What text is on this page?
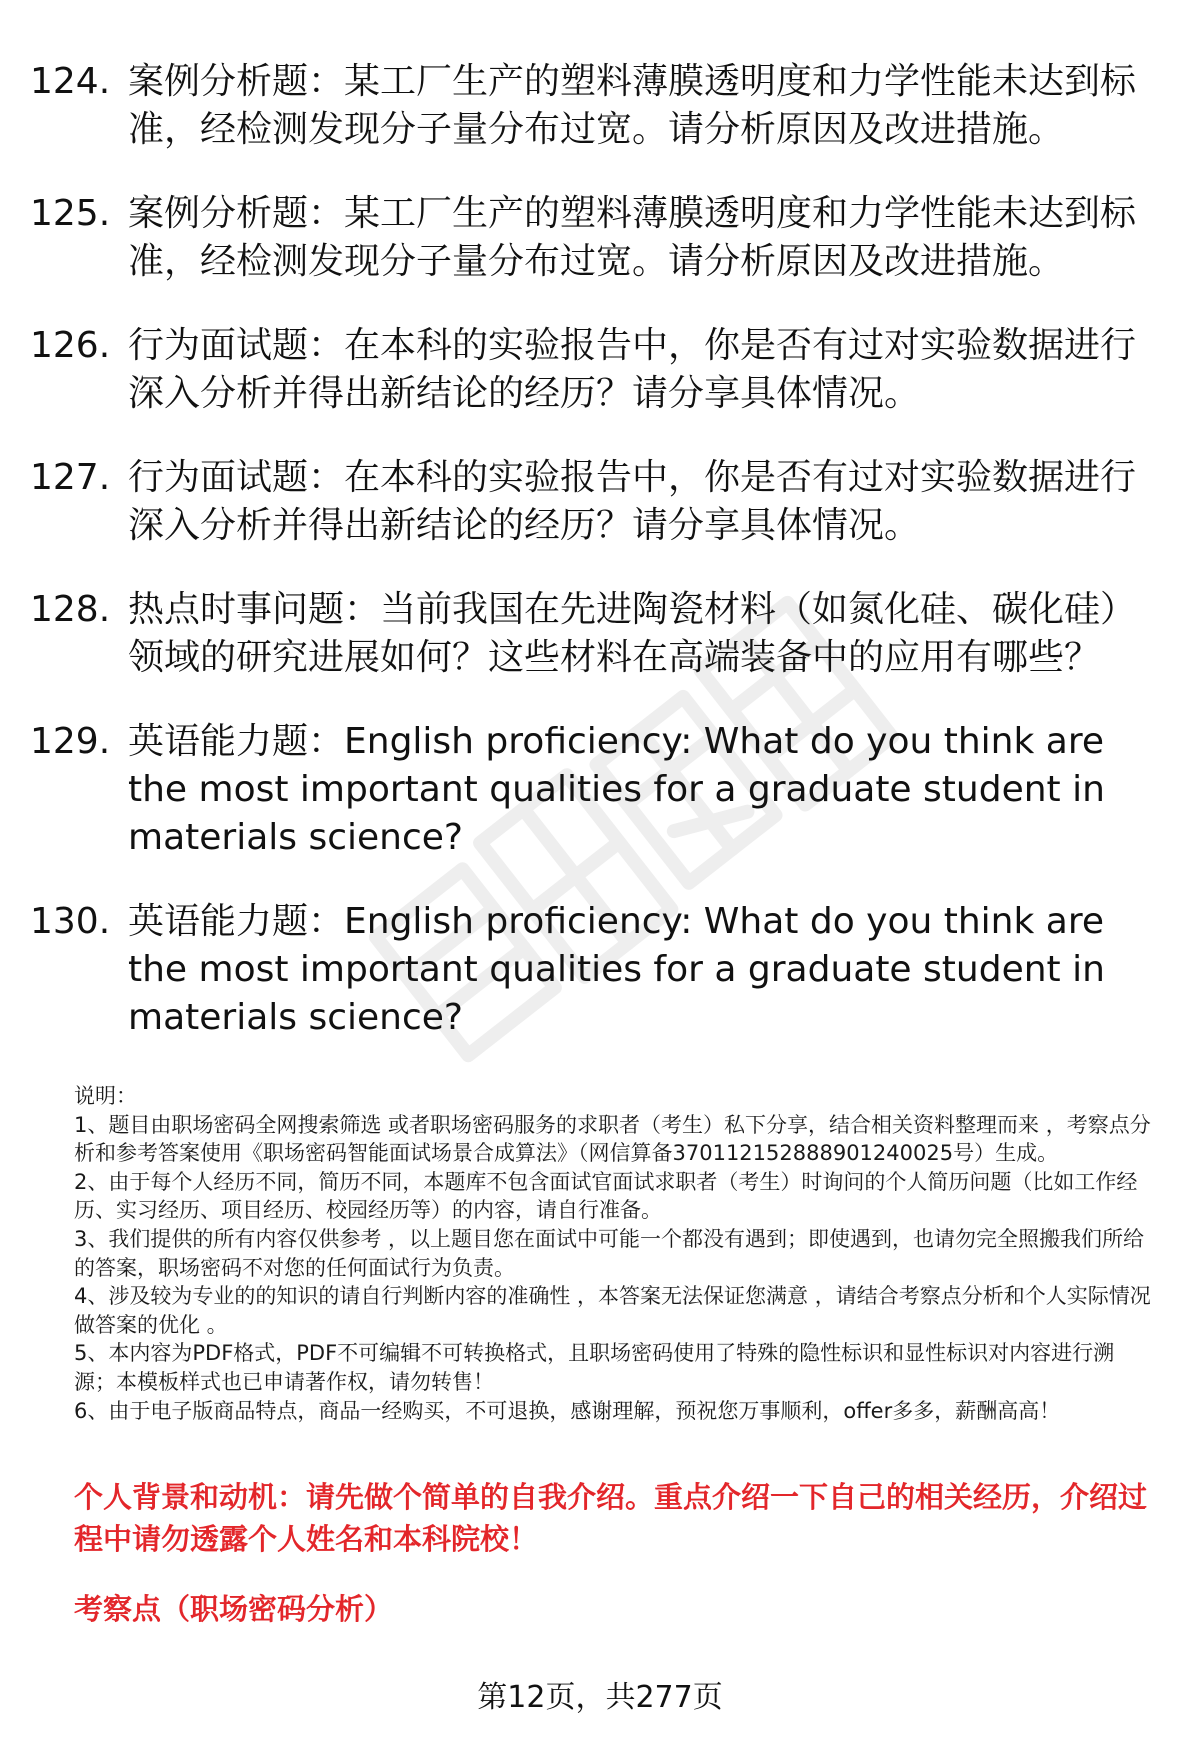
124. 案例分析题：某工厂生产的塑料薄膜透明度和力学性能未达到标准，经检测发现分子量分布过宽。请分析原因及改进措施。
125. 案例分析题：某工厂生产的塑料薄膜透明度和力学性能未达到标准，经检测发现分子量分布过宽。请分析原因及改进措施。
126. 行为面试题：在本科的实验报告中，你是否有过对实验数据进行深入分析并得出新结论的经历？请分享具体情况。
127. 行为面试题：在本科的实验报告中，你是否有过对实验数据进行深入分析并得出新结论的经历？请分享具体情况。
128. 热点时事问题：当前我国在先进陶瓷材料（如氮化硅、碳化硅）领域的研究进展如何？这些材料在高端装备中的应用有哪些？
129. 英语能力题：English proficiency: What do you think are the most important qualities for a graduate student in materials science?
130. 英语能力题：English proficiency: What do you think are the most important qualities for a graduate student in materials science?

说明：

1、题目由职场密码全网搜索筛选 或者职场密码服务的求职者（考生）私下分享，结合相关资料整理而来 ，考察点分析和参考答案使用《职场密码智能面试场景合成算法》（网信算备370112152888901240025号）生成。

2、由于每个人经历不同，简历不同，本题库不包含面试官面试求职者（考生）时询问的个人简历问题（比如工作经历、实习经历、项目经历、校园经历等）的内容，请自行准备。

3、我们提供的所有内容仅供参考 ，以上题目您在面试中可能一个都没有遇到；即使遇到，也请勿完全照搬我们所给的答案，职场密码不对您的任何面试行为负责。

4、涉及较为专业的的知识的请自行判断内容的准确性 ，本答案无法保证您满意 ，请结合考察点分析和个人实际情况做答案的优化 。

5、本内容为PDF格式，PDF不可编辑不可转换格式，且职场密码使用了特殊的隐性标识和显性标识对内容进行溯源；本模板样式也已申请著作权，请勿转售！

6、由于电子版商品特点，商品一经购买，不可退换，感谢理解，预祝您万事顺利，offer多多，薪酬高高！

个人背景和动机：请先做个简单的自我介绍。重点介绍一下自己的相关经历，介绍过程中请勿透露个人姓名和本科院校！

考察点（职场密码分析）

第12页，共277页
